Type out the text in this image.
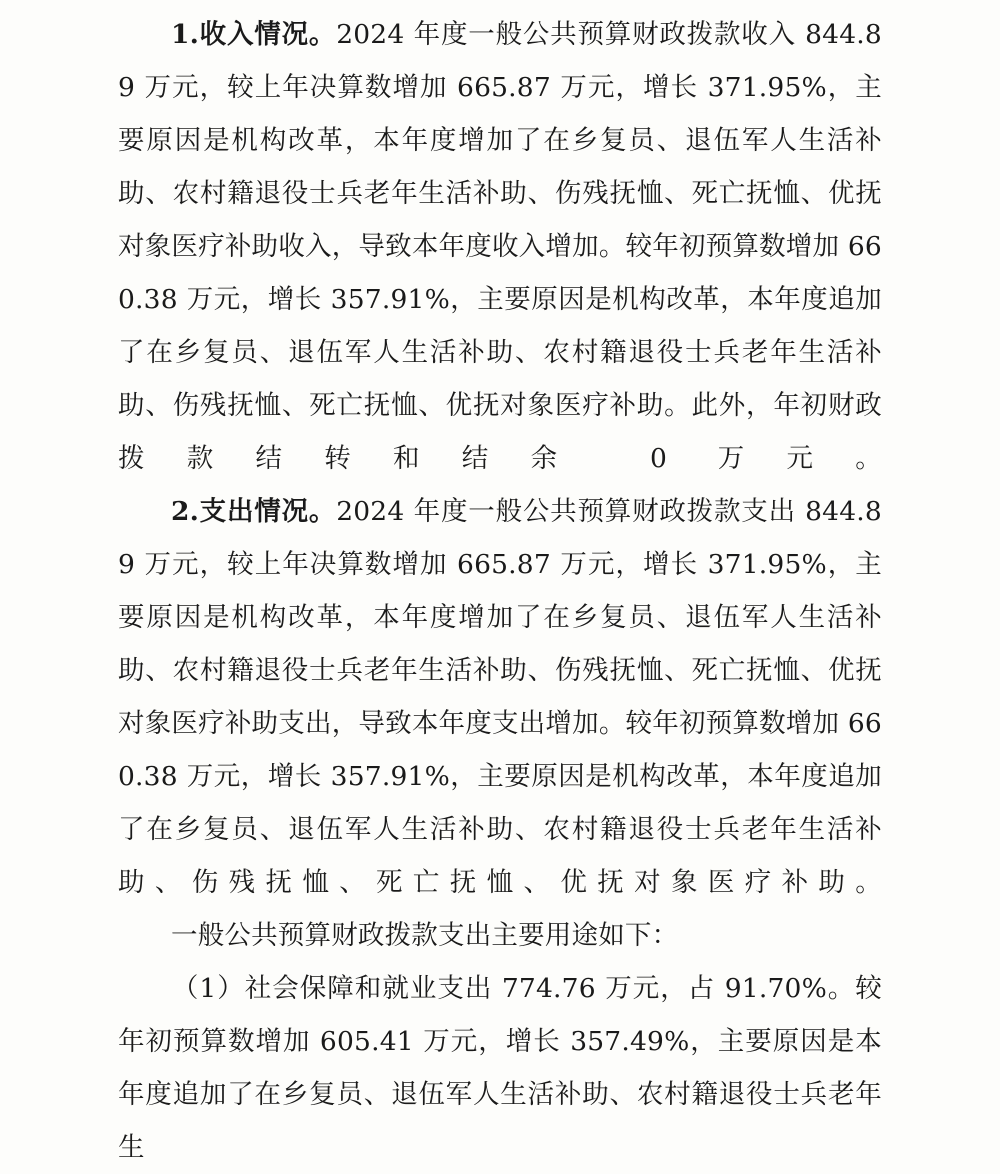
1.收入情况。2024 年度一般公共预算财政拨款收入 844.89 万元，较上年决算数增加 665.87 万元，增长 371.95%，主要原因是机构改革，本年度增加了在乡复员、退伍军人生活补助、农村籍退役士兵老年生活补助、伤残抚恤、死亡抚恤、优抚对象医疗补助收入，导致本年度收入增加。较年初预算数增加 660.38 万元，增长 357.91%，主要原因是机构改革，本年度追加了在乡复员、退伍军人生活补助、农村籍退役士兵老年生活补助、伤残抚恤、死亡抚恤、优抚对象医疗补助。此外，年初财政拨款结转和结余 0 万元。

2.支出情况。2024 年度一般公共预算财政拨款支出 844.89 万元，较上年决算数增加 665.87 万元，增长 371.95%，主要原因是机构改革，本年度增加了在乡复员、退伍军人生活补助、农村籍退役士兵老年生活补助、伤残抚恤、死亡抚恤、优抚对象医疗补助支出，导致本年度支出增加。较年初预算数增加 660.38 万元，增长 357.91%，主要原因是机构改革，本年度追加了在乡复员、退伍军人生活补助、农村籍退役士兵老年生活补助、伤残抚恤、死亡抚恤、优抚对象医疗补助。

一般公共预算财政拨款支出主要用途如下：

（1）社会保障和就业支出 774.76 万元，占 91.70%。较年初预算数增加 605.41 万元，增长 357.49%，主要原因是本年度追加了在乡复员、退伍军人生活补助、农村籍退役士兵老年生
